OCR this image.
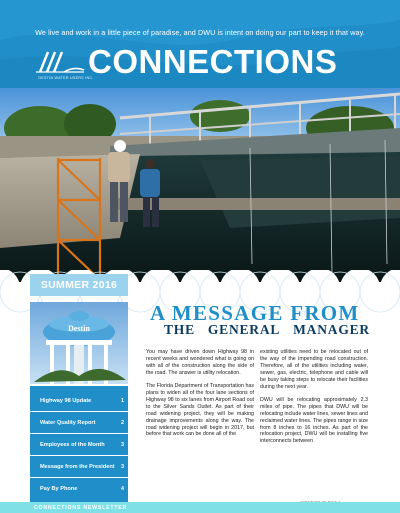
We live and work in a little piece of paradise, and DWU is intent on doing our part to keep it that way.
DESTIN WATER USERS INC.
CONNECTIONS
SUMMER 2016
Destin
Highway 98 Update	1
Water Quality Report	2
Employees of the Month	3
Message from the President 3
Pay By Phone	4
A MESSAGE FROM
THE GENERAL MANAGER

You may have driven down Highway 98 in recent weeks and wondered what is going on with all of the construction along the side of the road. The answer is utility relocation.

The Florida Department of Transportation has plans to widen all of the four lane sections of Highway 98 to six lanes from Airport Road out to the Silver Sands Outlet. As part of their road widening project, they will be making drainage improvements along the way. The road widening project will begin in 2017, but before that work can be done all of the

existing utilities need to be relocated out of the way of the impending road construction. Therefore, all of the utilities including water, sewer, gas, electric, telephone and cable will be busy taking steps to relocate their facilities during the next year.

DWU will be relocating approximately 2.3 miles of pipe. The pipes that DWU will be relocating include water lines, sewer lines and reclaimed water lines. The pipes range in size from 8 inches to 16 inches. As part of the relocation project, DWU will be installing five interconnects between

CONNECTIONS NEWSLETTER
